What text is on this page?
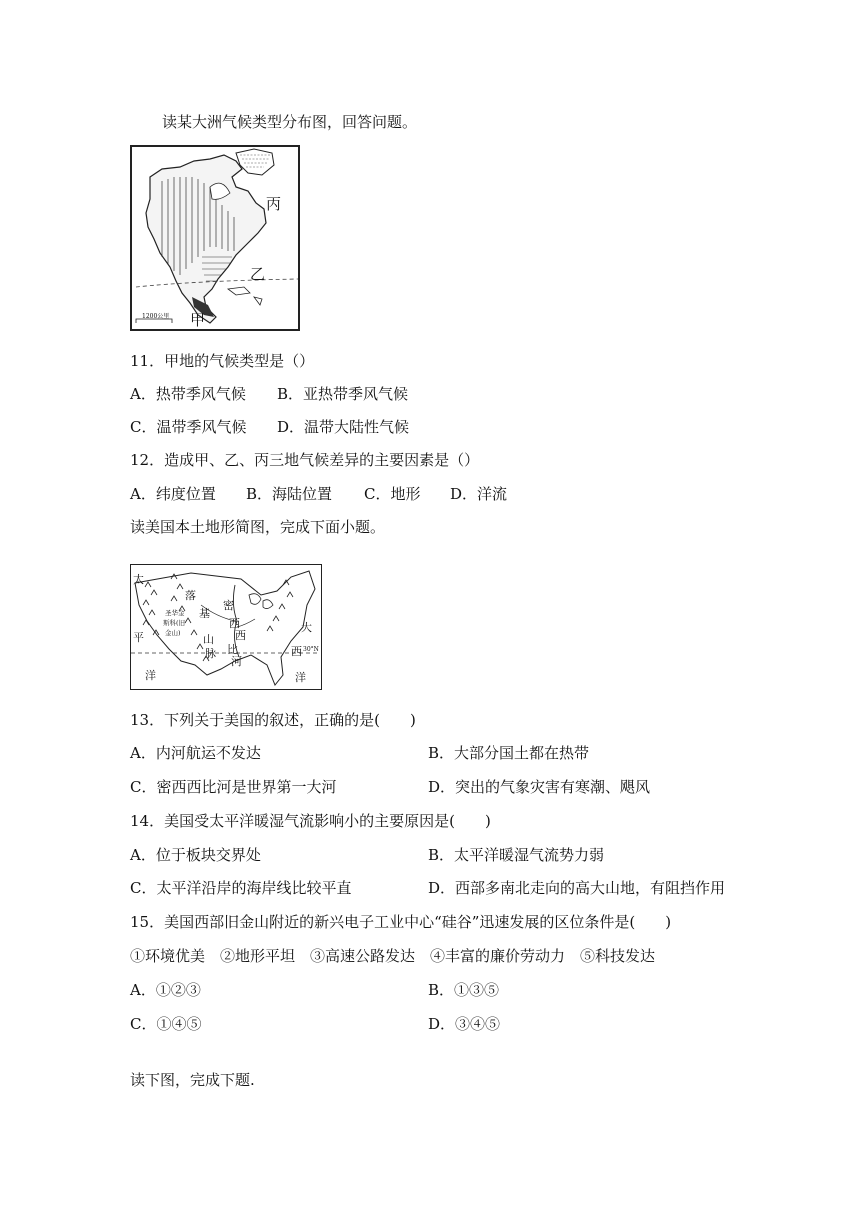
读某大洲气候类型分布图，回答问题。
丙
乙
甲
1200公里
11．甲地的气候类型是（）
A．热带季风气候 B．亚热带季风气候
C．温带季风气候 D．温带大陆性气候
12．造成甲、乙、丙三地气候差异的主要因素是（）
A．纬度位置 B．海陆位置 C．地形 D．洋流
读美国本土地形简图，完成下面小题。
太
平
洋
落
基
山
脉
圣华金
斯科(旧
金山)
密
西
西
比
河
大
西
洋
30°N
13．下列关于美国的叙述，正确的是(　　)
A．内河航运不发达	B．大部分国土都在热带
C．密西西比河是世界第一大河	D．突出的气象灾害有寒潮、飓风
14．美国受太平洋暖湿气流影响小的主要原因是(　　)
A．位于板块交界处	B．太平洋暖湿气流势力弱
C．太平洋沿岸的海岸线比较平直	D．西部多南北走向的高大山地，有阻挡作用
15．美国西部旧金山附近的新兴电子工业中心“硅谷”迅速发展的区位条件是(　　)
①环境优美　②地形平坦　③高速公路发达　④丰富的廉价劳动力　⑤科技发达
A．①②③	B．①③⑤
C．①④⑤	D．③④⑤
读下图，完成下题.
